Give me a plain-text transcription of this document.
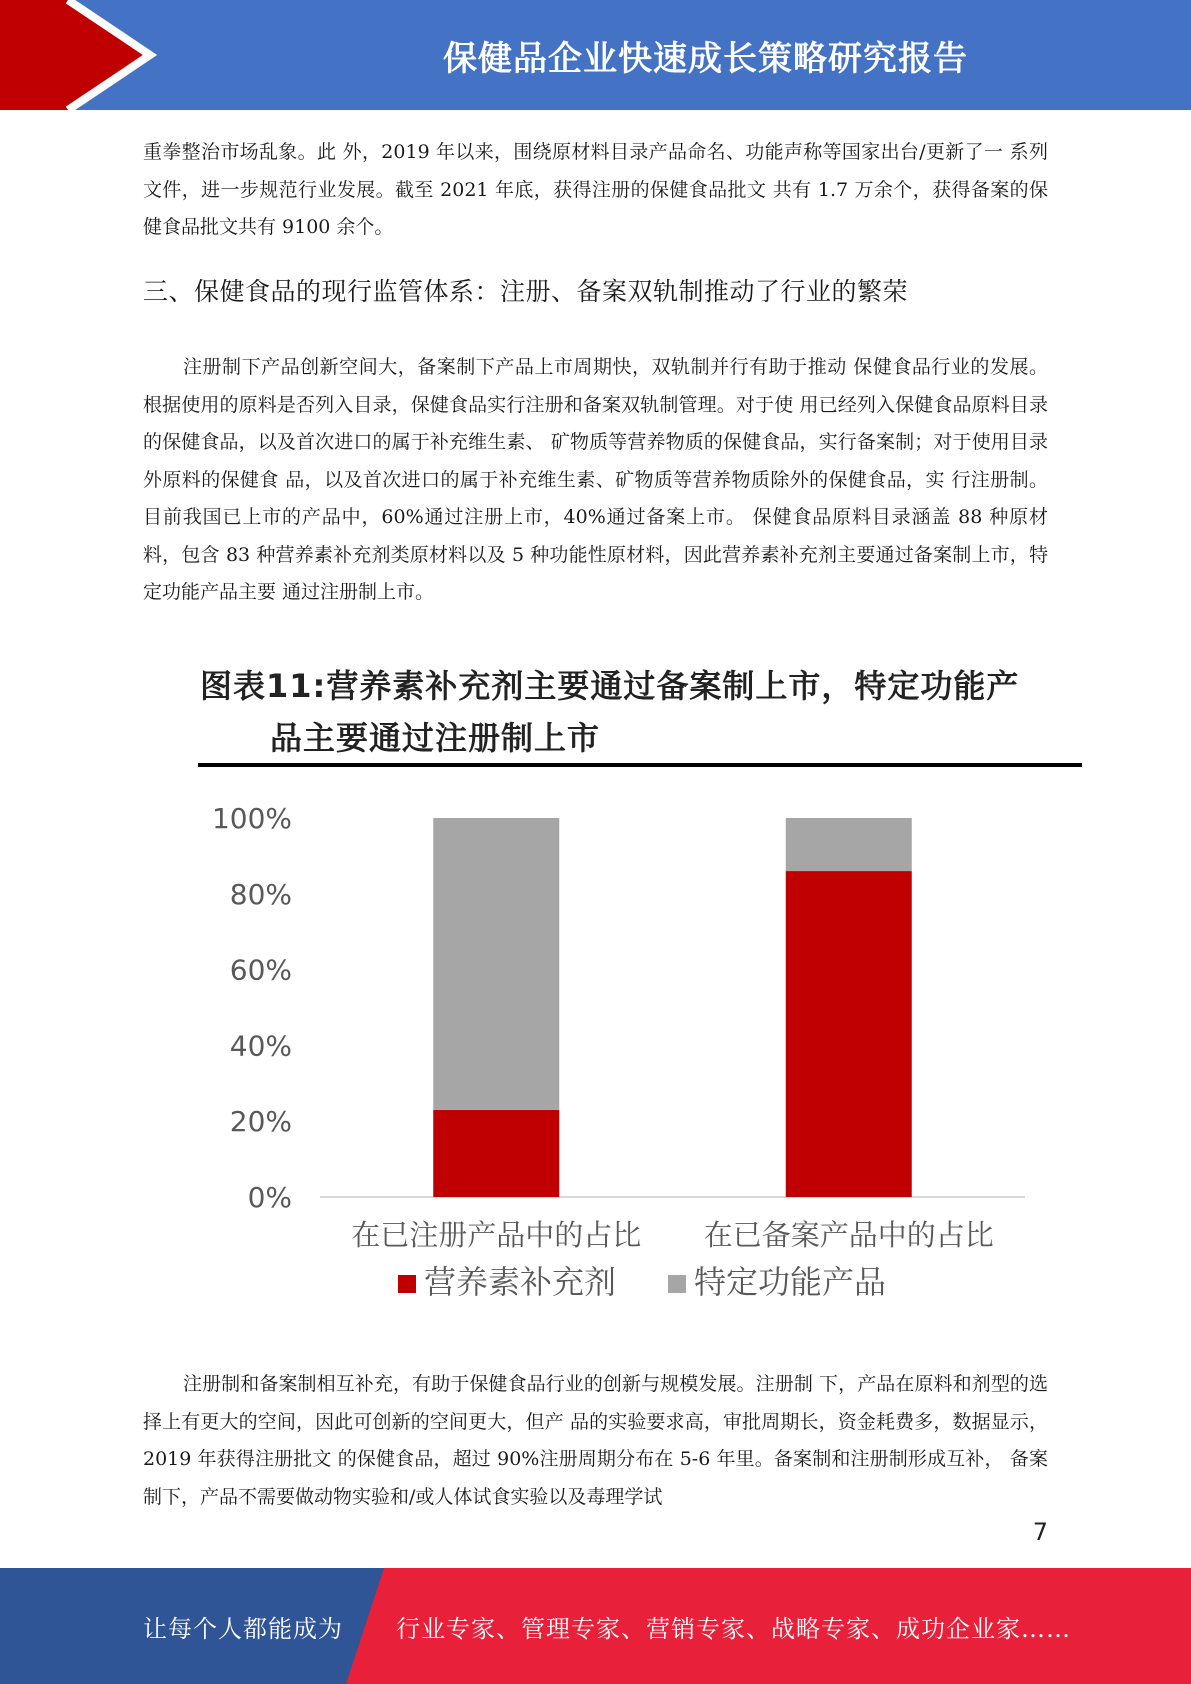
保健品企业快速成长策略研究报告

重拳整治市场乱象。此 外，2019 年以来，围绕原材料目录产品命名、功能声称等国家出台/更新了一 系列文件，进一步规范行业发展。截至 2021 年底，获得注册的保健食品批文 共有 1.7 万余个，获得备案的保健食品批文共有 9100 余个。

三、保健食品的现行监管体系：注册、备案双轨制推动了行业的繁荣

注册制下产品创新空间大，备案制下产品上市周期快，双轨制并行有助于推动 保健食品行业的发展。 根据使用的原料是否列入目录，保健食品实行注册和备案双轨制管理。对于使 用已经列入保健食品原料目录的保健食品，以及首次进口的属于补充维生素、 矿物质等营养物质的保健食品，实行备案制；对于使用目录外原料的保健食 品，以及首次进口的属于补充维生素、矿物质等营养物质除外的保健食品，实 行注册制。目前我国已上市的产品中，60%通过注册上市，40%通过备案上市。 保健食品原料目录涵盖 88 种原材料，包含 83 种营养素补充剂类原材料以及 5 种功能性原材料，因此营养素补充剂主要通过备案制上市，特定功能产品主要 通过注册制上市。

图表11:营养素补充剂主要通过备案制上市，特定功能产
品主要通过注册制上市
0%
20%
40%
60%
80%
100%
在已注册产品中的占比 在已备案产品中的占比
营养素补充剂 特定功能产品

注册制和备案制相互补充，有助于保健食品行业的创新与规模发展。注册制 下，产品在原料和剂型的选择上有更大的空间，因此可创新的空间更大，但产 品的实验要求高，审批周期长，资金耗费多，数据显示，2019 年获得注册批文 的保健食品，超过 90%注册周期分布在 5-6 年里。备案制和注册制形成互补， 备案制下，产品不需要做动物实验和/或人体试食实验以及毒理学试

7
让每个人都能成为 行业专家、管理专家、营销专家、战略专家、成功企业家……
